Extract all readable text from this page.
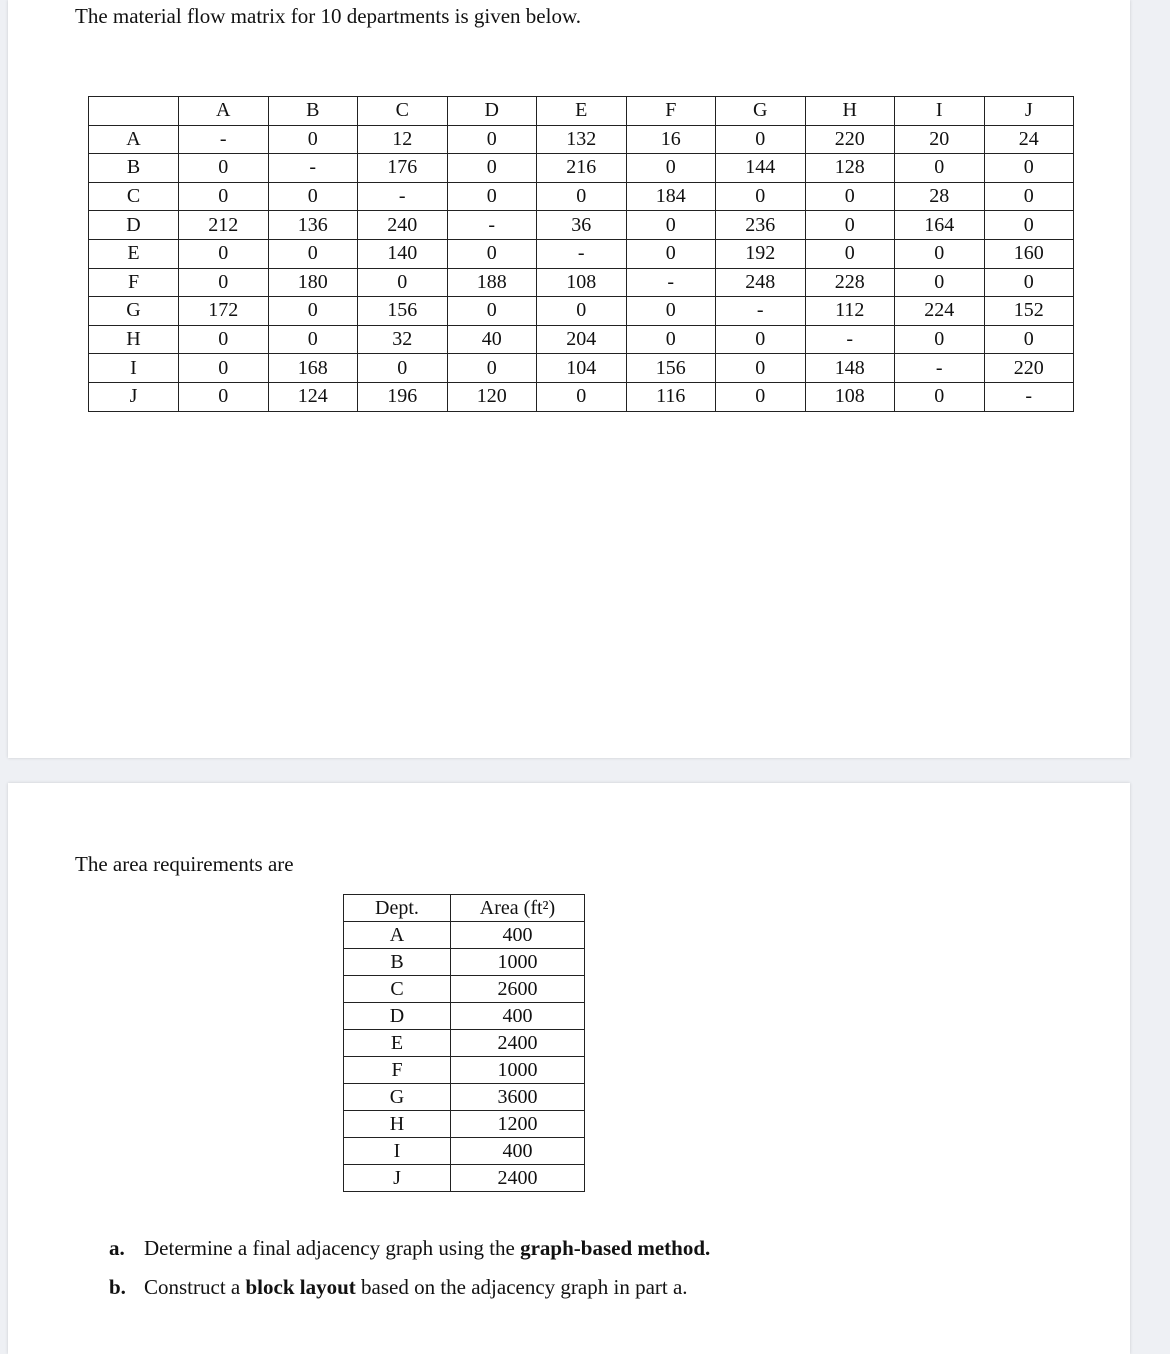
The material flow matrix for 10 departments is given below.

	A	B	C	D	E	F	G	H	I	J
A	-	0	12	0	132	16	0	220	20	24
B	0	-	176	0	216	0	144	128	0	0
C	0	0	-	0	0	184	0	0	28	0
D	212	136	240	-	36	0	236	0	164	0
E	0	0	140	0	-	0	192	0	0	160
F	0	180	0	188	108	-	248	228	0	0
G	172	0	156	0	0	0	-	112	224	152
H	0	0	32	40	204	0	0	-	0	0
I	0	168	0	0	104	156	0	148	-	220
J	0	124	196	120	0	116	0	108	0	-

The area requirements are

Dept.	Area (ft²)
A	400
B	1000
C	2600
D	400
E	2400
F	1000
G	3600
H	1200
I	400
J	2400

a. Determine a final adjacency graph using the graph-based method.

b. Construct a block layout based on the adjacency graph in part a.
